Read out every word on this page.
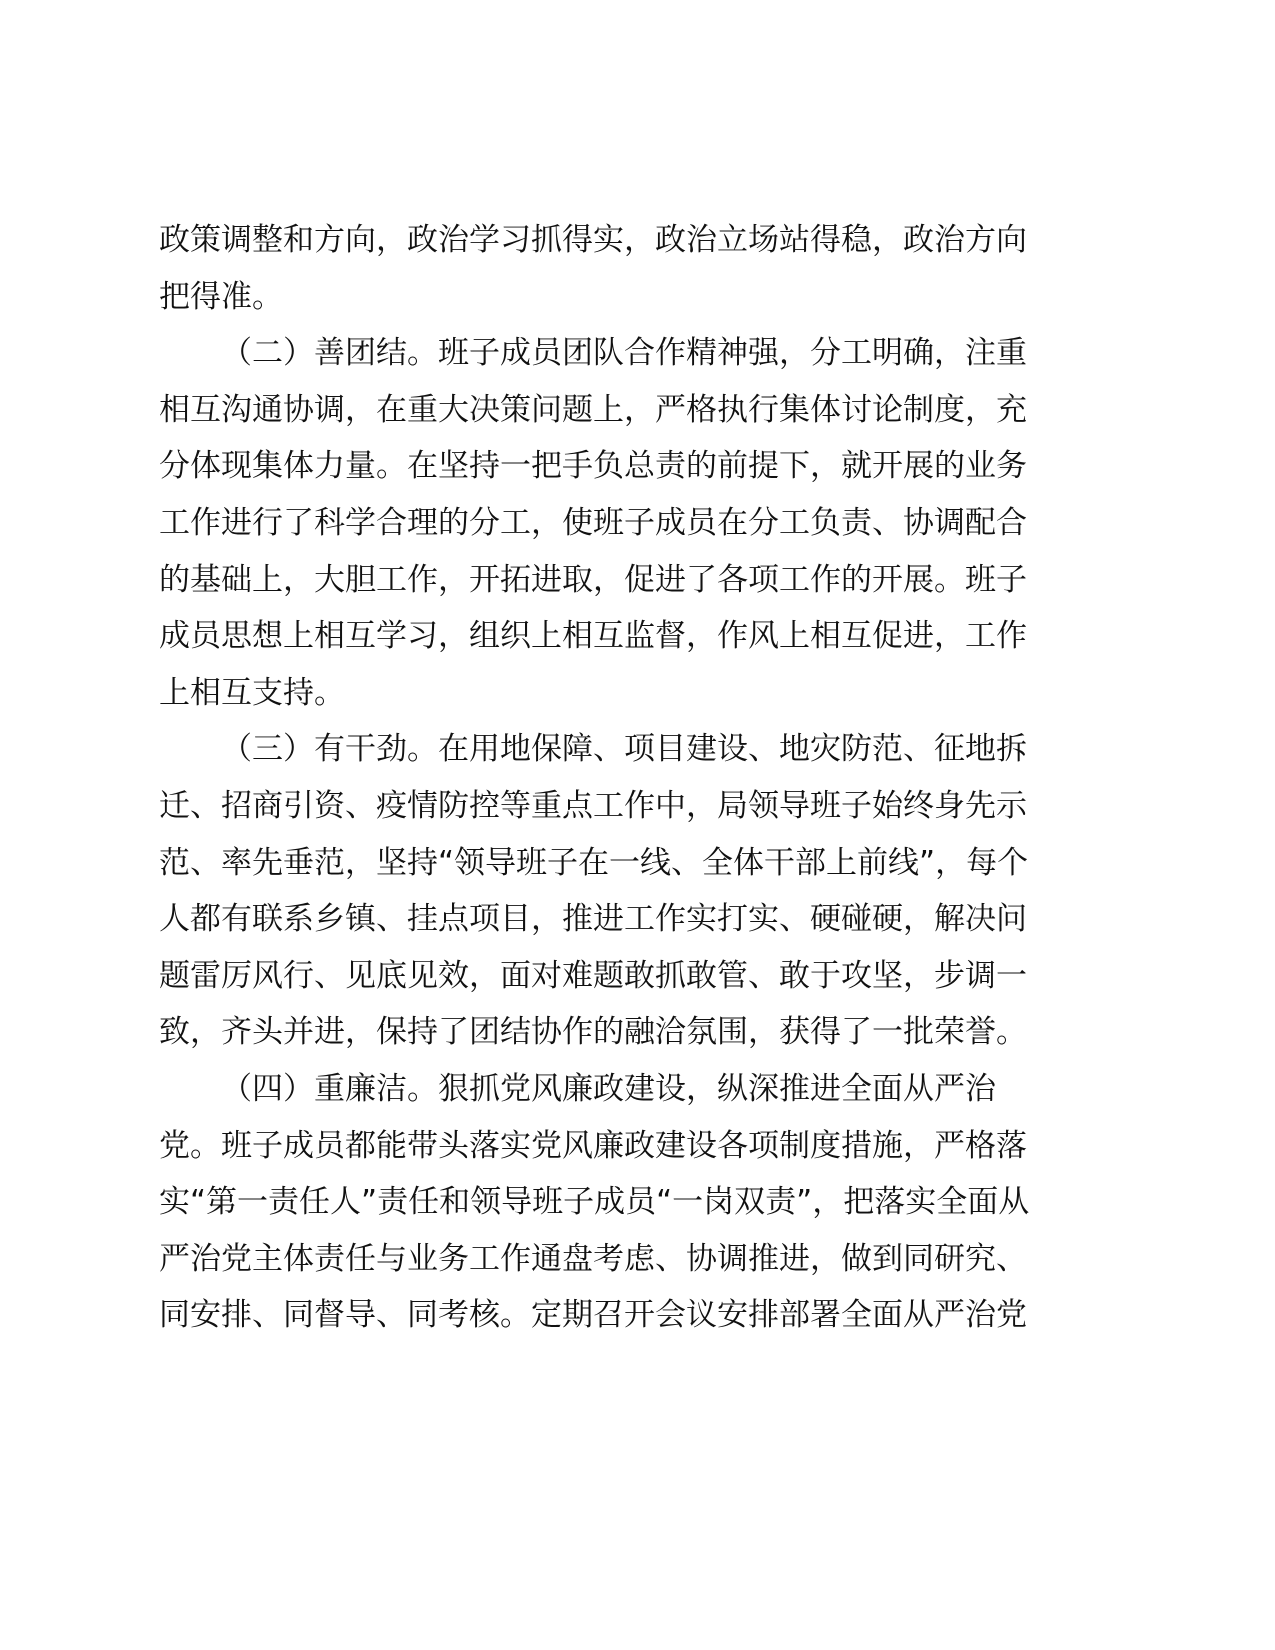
政策调整和方向，政治学习抓得实，政治立场站得稳，政治方向
把得准。
（二）善团结。班子成员团队合作精神强，分工明确，注重
相互沟通协调，在重大决策问题上，严格执行集体讨论制度，充
分体现集体力量。在坚持一把手负总责的前提下，就开展的业务
工作进行了科学合理的分工，使班子成员在分工负责、协调配合
的基础上，大胆工作，开拓进取，促进了各项工作的开展。班子
成员思想上相互学习，组织上相互监督，作风上相互促进，工作
上相互支持。
（三）有干劲。在用地保障、项目建设、地灾防范、征地拆
迁、招商引资、疫情防控等重点工作中，局领导班子始终身先示
范、率先垂范，坚持“领导班子在一线、全体干部上前线”，每个
人都有联系乡镇、挂点项目，推进工作实打实、硬碰硬，解决问
题雷厉风行、见底见效，面对难题敢抓敢管、敢于攻坚，步调一
致，齐头并进，保持了团结协作的融洽氛围，获得了一批荣誉。
（四）重廉洁。狠抓党风廉政建设，纵深推进全面从严治
党。班子成员都能带头落实党风廉政建设各项制度措施，严格落
实“第一责任人”责任和领导班子成员“一岗双责”，把落实全面从
严治党主体责任与业务工作通盘考虑、协调推进，做到同研究、
同安排、同督导、同考核。定期召开会议安排部署全面从严治党
